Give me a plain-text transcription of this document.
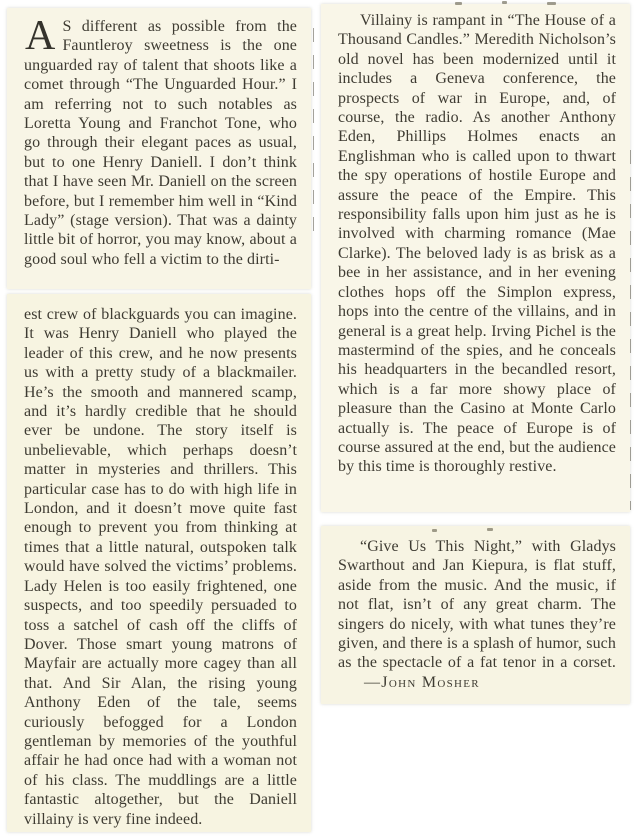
A S different as possible from the Fauntleroy sweetness is the one unguarded ray of talent that shoots like a comet through “The Unguarded Hour.” I am referring not to such notables as Loretta Young and Franchot Tone, who go through their elegant paces as usual, but to one Henry Daniell. I don’t think that I have seen Mr. Daniell on the screen before, but I remember him well in “Kind Lady” (stage version). That was a dainty little bit of horror, you may know, about a good soul who fell a victim to the dirti-

est crew of blackguards you can imagine. It was Henry Daniell who played the leader of this crew, and he now presents us with a pretty study of a blackmailer. He’s the smooth and mannered scamp, and it’s hardly credible that he should ever be undone. The story itself is unbelievable, which perhaps doesn’t matter in mysteries and thrillers. This particular case has to do with high life in London, and it doesn’t move quite fast enough to prevent you from thinking at times that a little natural, outspoken talk would have solved the victims’ problems. Lady Helen is too easily frightened, one suspects, and too speedily persuaded to toss a satchel of cash off the cliffs of Dover. Those smart young matrons of Mayfair are actually more cagey than all that. And Sir Alan, the rising young Anthony Eden of the tale, seems curiously befogged for a London gentleman by memories of the youthful affair he had once had with a woman not of his class. The muddlings are a little fantastic altogether, but the Daniell villainy is very fine indeed.

Villainy is rampant in “The House of a Thousand Candles.” Meredith Nicholson’s old novel has been modernized until it includes a Geneva conference, the prospects of war in Europe, and, of course, the radio. As another Anthony Eden, Phillips Holmes enacts an Englishman who is called upon to thwart the spy operations of hostile Europe and assure the peace of the Empire. This responsibility falls upon him just as he is involved with charming romance (Mae Clarke). The beloved lady is as brisk as a bee in her assistance, and in her evening clothes hops off the Simplon express, hops into the centre of the villains, and in general is a great help. Irving Pichel is the mastermind of the spies, and he conceals his headquarters in the becandled resort, which is a far more showy place of pleasure than the Casino at Monte Carlo actually is. The peace of Europe is of course assured at the end, but the audience by this time is thoroughly restive.

“Give Us This Night,” with Gladys Swarthout and Jan Kiepura, is flat stuff, aside from the music. And the music, if not flat, isn’t of any great charm. The singers do nicely, with what tunes they’re given, and there is a splash of humor, such as the spectacle of a fat tenor in a corset.—John Mosher
